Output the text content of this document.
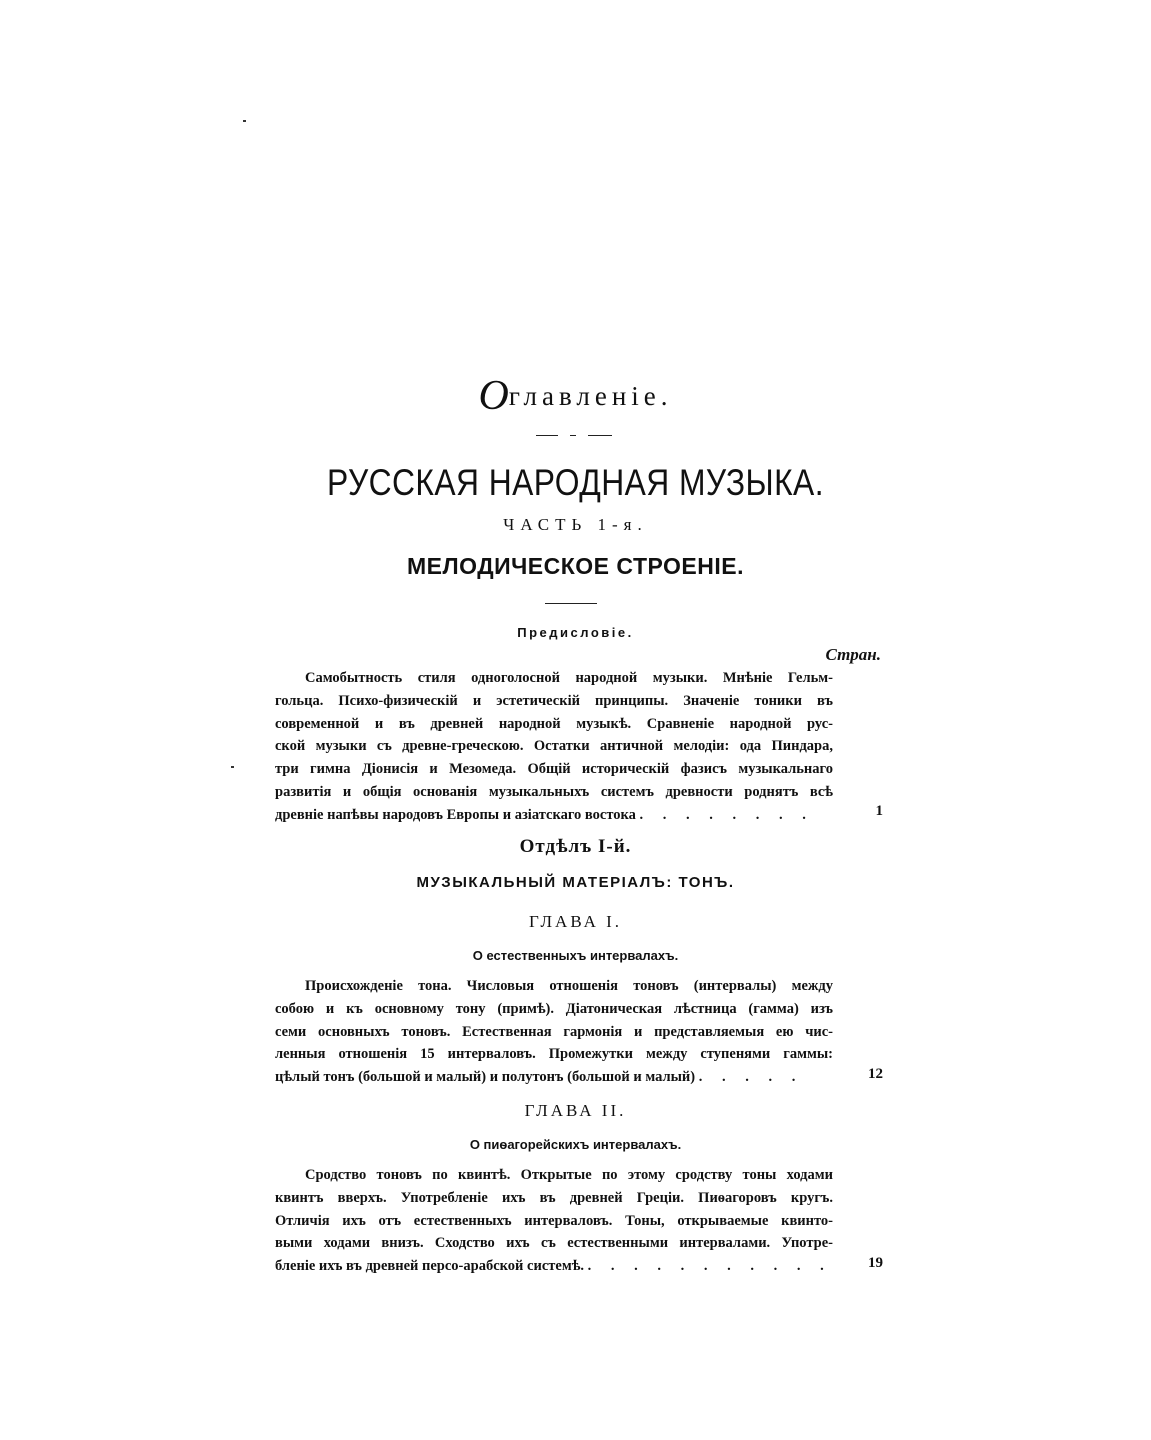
Оглавленіе.
РУССКАЯ НАРОДНАЯ МУЗЫКА.
ЧАСТЬ 1-я.
МЕЛОДИЧЕСКОЕ СТРОЕНІЕ.
Предисловіе.
Стран.
Самобытность стиля одноголосной народной музыки. Мнѣніе Гельм-
гольца. Психо-физическій и эстетическій принципы. Значеніе тоники въ
современной и въ древней народной музыкѣ. Сравненіе народной рус-
ской музыки съ древне-греческою. Остатки античной мелодіи: ода Пиндара,
три гимна Діонисія и Мезомеда. Общій историческій фазисъ музыкальнаго
развитія и общія основанія музыкальныхъ системъ древности роднятъ всѣ
древніе напѣвы народовъ Европы и азіатскаго востока . . . . . . . .	1
Отдѣлъ I-й.
МУЗЫКАЛЬНЫЙ МАТЕРІАЛЪ: ТОНЪ.
ГЛАВА I.
О естественныхъ интервалахъ.
Происхожденіе тона. Числовыя отношенія тоновъ (интервалы) между
собою и къ основному тону (примѣ). Діатоническая лѣстница (гамма) изъ
семи основныхъ тоновъ. Естественная гармонія и представляемыя ею чис-
ленныя отношенія 15 интерваловъ. Промежутки между ступенями гаммы:
цѣлый тонъ (большой и малый) и полутонъ (большой и малый) . . . . .	12
ГЛАВА II.
О пиѳагорейскихъ интервалахъ.
Сродство тоновъ по квинтѣ. Открытые по этому сродству тоны ходами
квинтъ вверхъ. Употребленіе ихъ въ древней Греціи. Пиѳагоровъ кругъ.
Отличія ихъ отъ естественныхъ интерваловъ. Тоны, открываемые квинто-
выми ходами внизъ. Сходство ихъ съ естественными интервалами. Употре-
бленіе ихъ въ древней персо-арабской системѣ. . . . . . . . . . . . 19
